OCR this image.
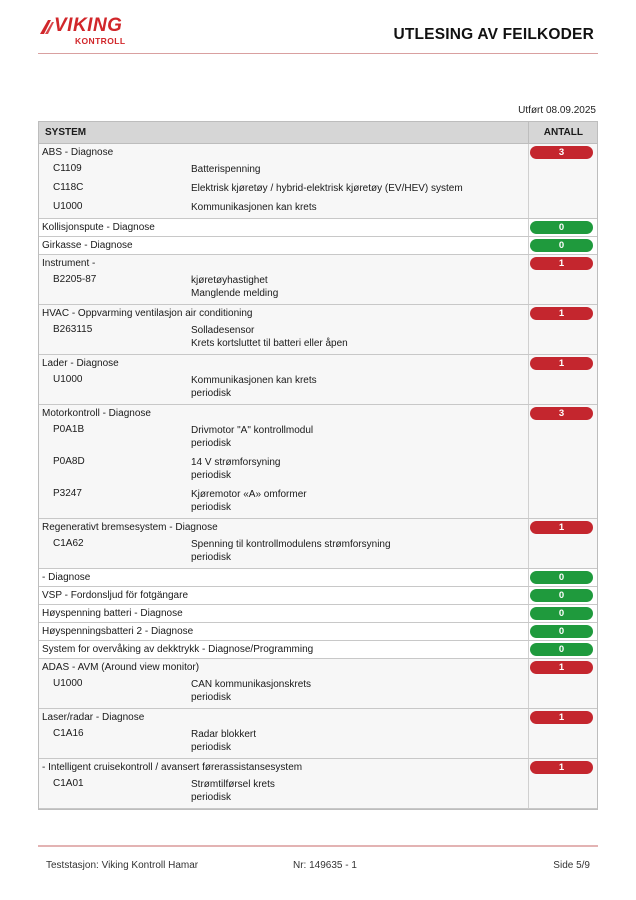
VIKING
KONTROLL	UTLESING AV FEILKODER
Utført 08.09.2025
SYSTEM	ANTALL
ABS - Diagnose	3
C1109	Batterispenning
C118C	Elektrisk kjøretøy / hybrid-elektrisk kjøretøy (EV/HEV) system
U1000	Kommunikasjonen kan krets
Kollisjonspute - Diagnose	0
Girkasse - Diagnose	0
Instrument -	1
B2205-87	kjøretøyhastighet
Manglende melding
HVAC - Oppvarming ventilasjon air conditioning	1
B263115	Solladesensor
Krets kortsluttet til batteri eller åpen
Lader - Diagnose	1
U1000	Kommunikasjonen kan krets
periodisk
Motorkontroll - Diagnose	3
P0A1B	Drivmotor "A" kontrollmodul
periodisk
P0A8D	14 V strømforsyning
periodisk
P3247	Kjøremotor «A» omformer
periodisk
Regenerativt bremsesystem - Diagnose	1
C1A62	Spenning til kontrollmodulens strømforsyning
periodisk
- Diagnose	0
VSP - Fordonsljud för fotgängare	0
Høyspenning batteri - Diagnose	0
Høyspenningsbatteri 2 - Diagnose	0
System for overvåking av dekktrykk - Diagnose/Programming	0
ADAS - AVM (Around view monitor)	1
U1000	CAN kommunikasjonskrets
periodisk
Laser/radar - Diagnose	1
C1A16	Radar blokkert
periodisk
- Intelligent cruisekontroll / avansert førerassistansesystem	1
C1A01	Strømtilførsel krets
periodisk
Teststasjon: Viking Kontroll Hamar	Nr: 149635 - 1	Side 5/9
